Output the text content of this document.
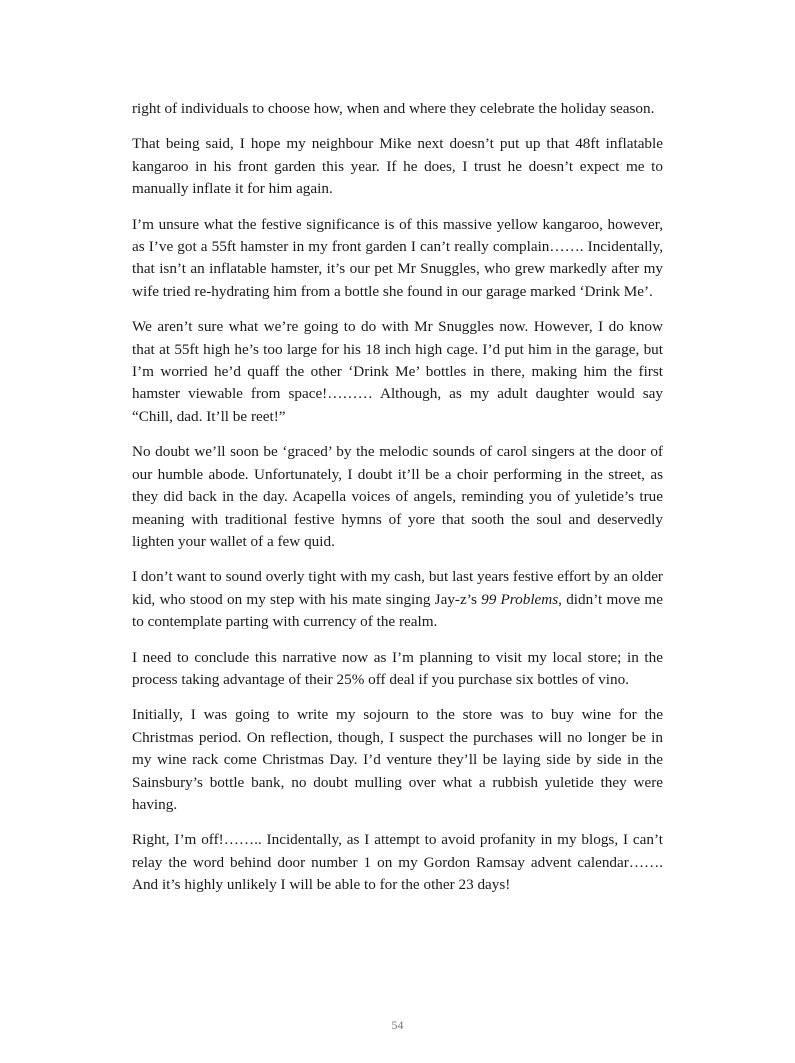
right of individuals to choose how, when and where they celebrate the holiday season.

That being said, I hope my neighbour Mike next doesn’t put up that 48ft inflatable kangaroo in his front garden this year. If he does, I trust he doesn’t expect me to manually inflate it for him again.

I’m unsure what the festive significance is of this massive yellow kangaroo, however, as I’ve got a 55ft hamster in my front garden I can’t really complain……. Incidentally, that isn’t an inflatable hamster, it’s our pet Mr Snuggles, who grew markedly after my wife tried re-hydrating him from a bottle she found in our garage marked ‘Drink Me’.

We aren’t sure what we’re going to do with Mr Snuggles now. However, I do know that at 55ft high he’s too large for his 18 inch high cage. I’d put him in the garage, but I’m worried he’d quaff the other ‘Drink Me’ bottles in there, making him the first hamster viewable from space!……… Although, as my adult daughter would say “Chill, dad. It’ll be reet!”

No doubt we’ll soon be ‘graced’ by the melodic sounds of carol singers at the door of our humble abode. Unfortunately, I doubt it’ll be a choir performing in the street, as they did back in the day. Acapella voices of angels, reminding you of yuletide’s true meaning with traditional festive hymns of yore that sooth the soul and deservedly lighten your wallet of a few quid.

I don’t want to sound overly tight with my cash, but last years festive effort by an older kid, who stood on my step with his mate singing Jay-z’s 99 Problems, didn’t move me to contemplate parting with currency of the realm.

I need to conclude this narrative now as I’m planning to visit my local store; in the process taking advantage of their 25% off deal if you purchase six bottles of vino.

Initially, I was going to write my sojourn to the store was to buy wine for the Christmas period. On reflection, though, I suspect the purchases will no longer be in my wine rack come Christmas Day. I’d venture they’ll be laying side by side in the Sainsbury’s bottle bank, no doubt mulling over what a rubbish yuletide they were having.

Right, I’m off!…….. Incidentally, as I attempt to avoid profanity in my blogs, I can’t relay the word behind door number 1 on my Gordon Ramsay advent calendar……. And it’s highly unlikely I will be able to for the other 23 days!

54
